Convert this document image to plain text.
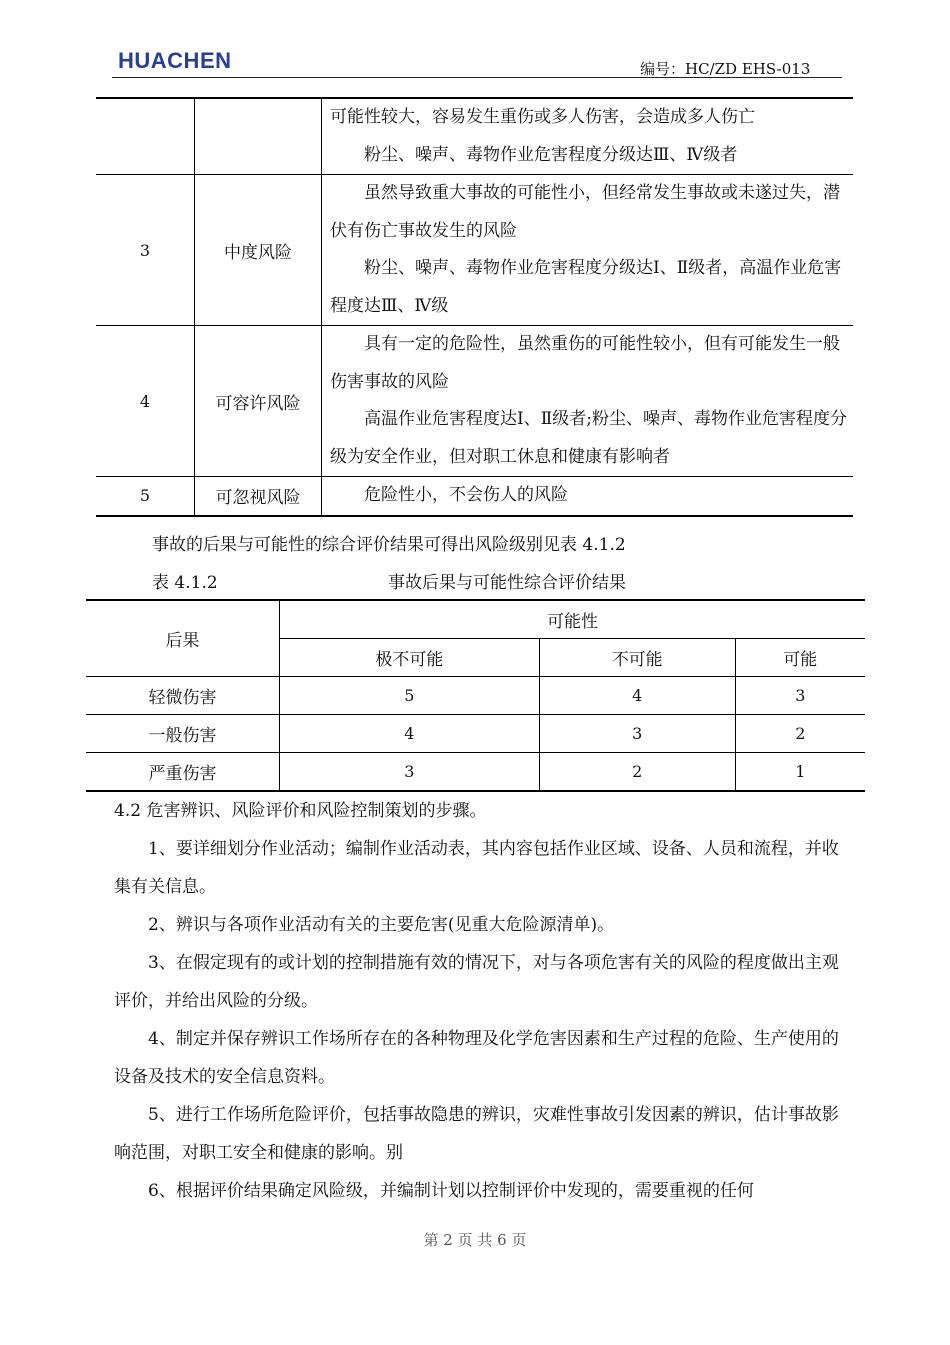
HUACHEN	编号：HC/ZD EHS-013

		可能性较大，容易发生重伤或多人伤害，会造成多人伤亡

粉尘、噪声、毒物作业危害程度分级达Ⅲ、Ⅳ级者

3	中度风险	虽然导致重大事故的可能性小，但经常发生事故或未遂过失，潜伏有伤亡事故发生的风险

粉尘、噪声、毒物作业危害程度分级达Ⅰ、Ⅱ级者，高温作业危害程度达Ⅲ、Ⅳ级

4	可容许风险	具有一定的危险性，虽然重伤的可能性较小，但有可能发生一般伤害事故的风险

高温作业危害程度达Ⅰ、Ⅱ级者;粉尘、噪声、毒物作业危害程度分级为安全作业，但对职工休息和健康有影响者

5	可忽视风险	危险性小，不会伤人的风险

事故的后果与可能性的综合评价结果可得出风险级别见表 4.1.2
表 4.1.2	事故后果与可能性综合评价结果
后果	可能性		
	极不可能	不可能	可能
轻微伤害	5	4	3
一般伤害	4	3	2
严重伤害	3	2	1

4.2 危害辨识、风险评价和风险控制策划的步骤。

1、要详细划分作业活动；编制作业活动表，其内容包括作业区域、设备、人员和流程，并收集有关信息。

2、辨识与各项作业活动有关的主要危害(见重大危险源清单)。

3、在假定现有的或计划的控制措施有效的情况下，对与各项危害有关的风险的程度做出主观评价，并给出风险的分级。

4、制定并保存辨识工作场所存在的各种物理及化学危害因素和生产过程的危险、生产使用的设备及技术的安全信息资料。

5、进行工作场所危险评价，包括事故隐患的辨识，灾难性事故引发因素的辨识，估计事故影响范围，对职工安全和健康的影响。别

6、根据评价结果确定风险级，并编制计划以控制评价中发现的，需要重视的任何

第 2 页 共 6 页
